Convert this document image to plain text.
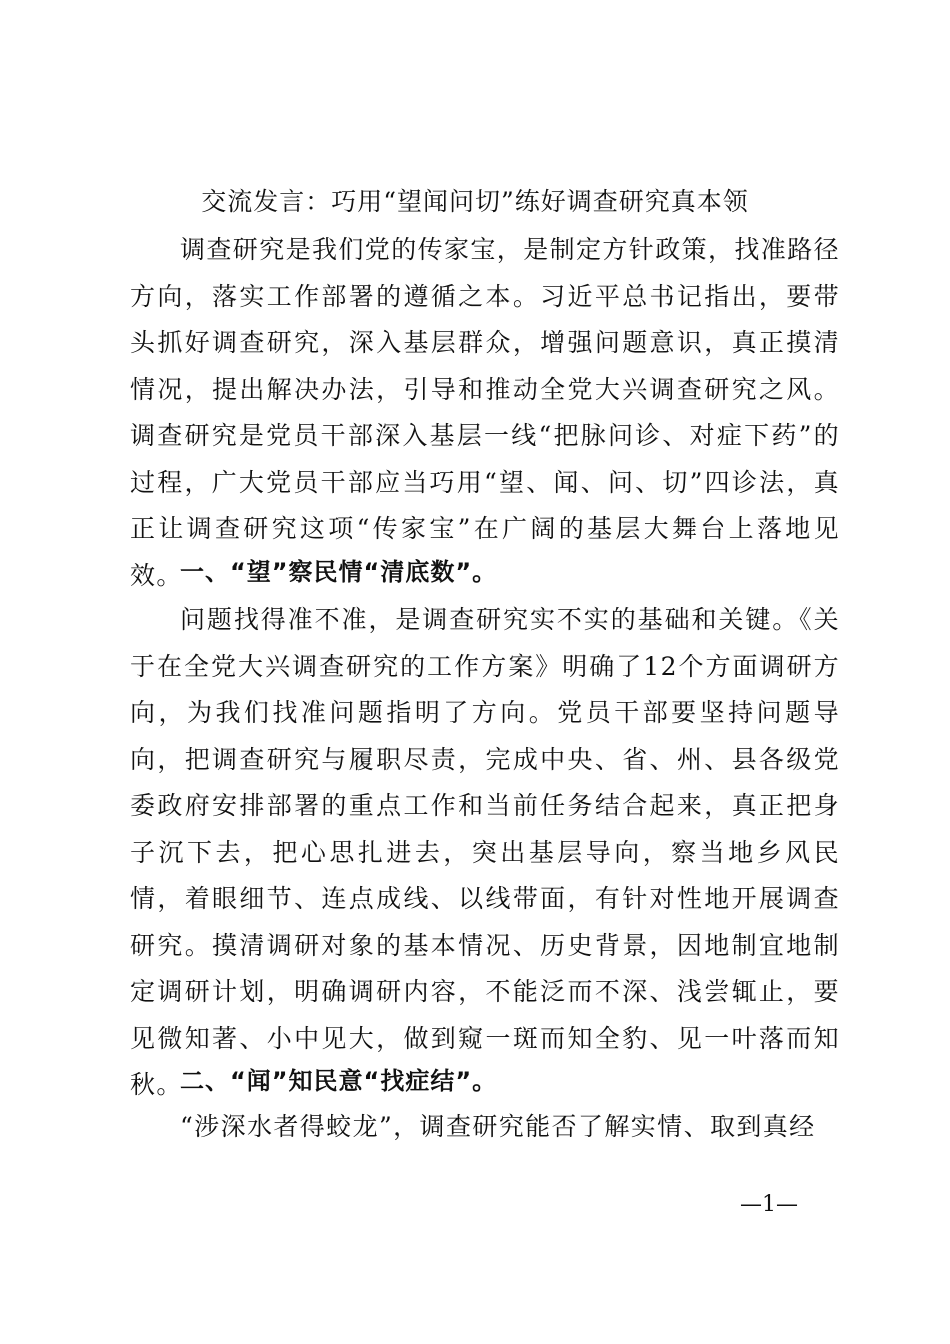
交流发言：巧用“望闻问切”练好调查研究真本领

调查研究是我们党的传家宝，是制定方针政策，找准路径方向，落实工作部署的遵循之本。习近平总书记指出，要带头抓好调查研究，深入基层群众，增强问题意识，真正摸清情况，提出解决办法，引导和推动全党大兴调查研究之风。调查研究是党员干部深入基层一线“把脉问诊、对症下药”的过程，广大党员干部应当巧用“望、闻、问、切”四诊法，真正让调查研究这项“传家宝”在广阔的基层大舞台上落地见效。

一、“望”察民情“清底数”。

问题找得准不准，是调查研究实不实的基础和关键。《关于在全党大兴调查研究的工作方案》明确了12个方面调研方向，为我们找准问题指明了方向。党员干部要坚持问题导向，把调查研究与履职尽责，完成中央、省、州、县各级党委政府安排部署的重点工作和当前任务结合起来，真正把身子沉下去，把心思扎进去，突出基层导向，察当地乡风民情，着眼细节、连点成线、以线带面，有针对性地开展调查研究。摸清调研对象的基本情况、历史背景，因地制宜地制定调研计划，明确调研内容，不能泛而不深、浅尝辄止，要见微知著、小中见大，做到窥一斑而知全豹、见一叶落而知秋。

二、“闻”知民意“找症结”。

“涉深水者得蛟龙”，调查研究能否了解实情、取到真经

—1—
